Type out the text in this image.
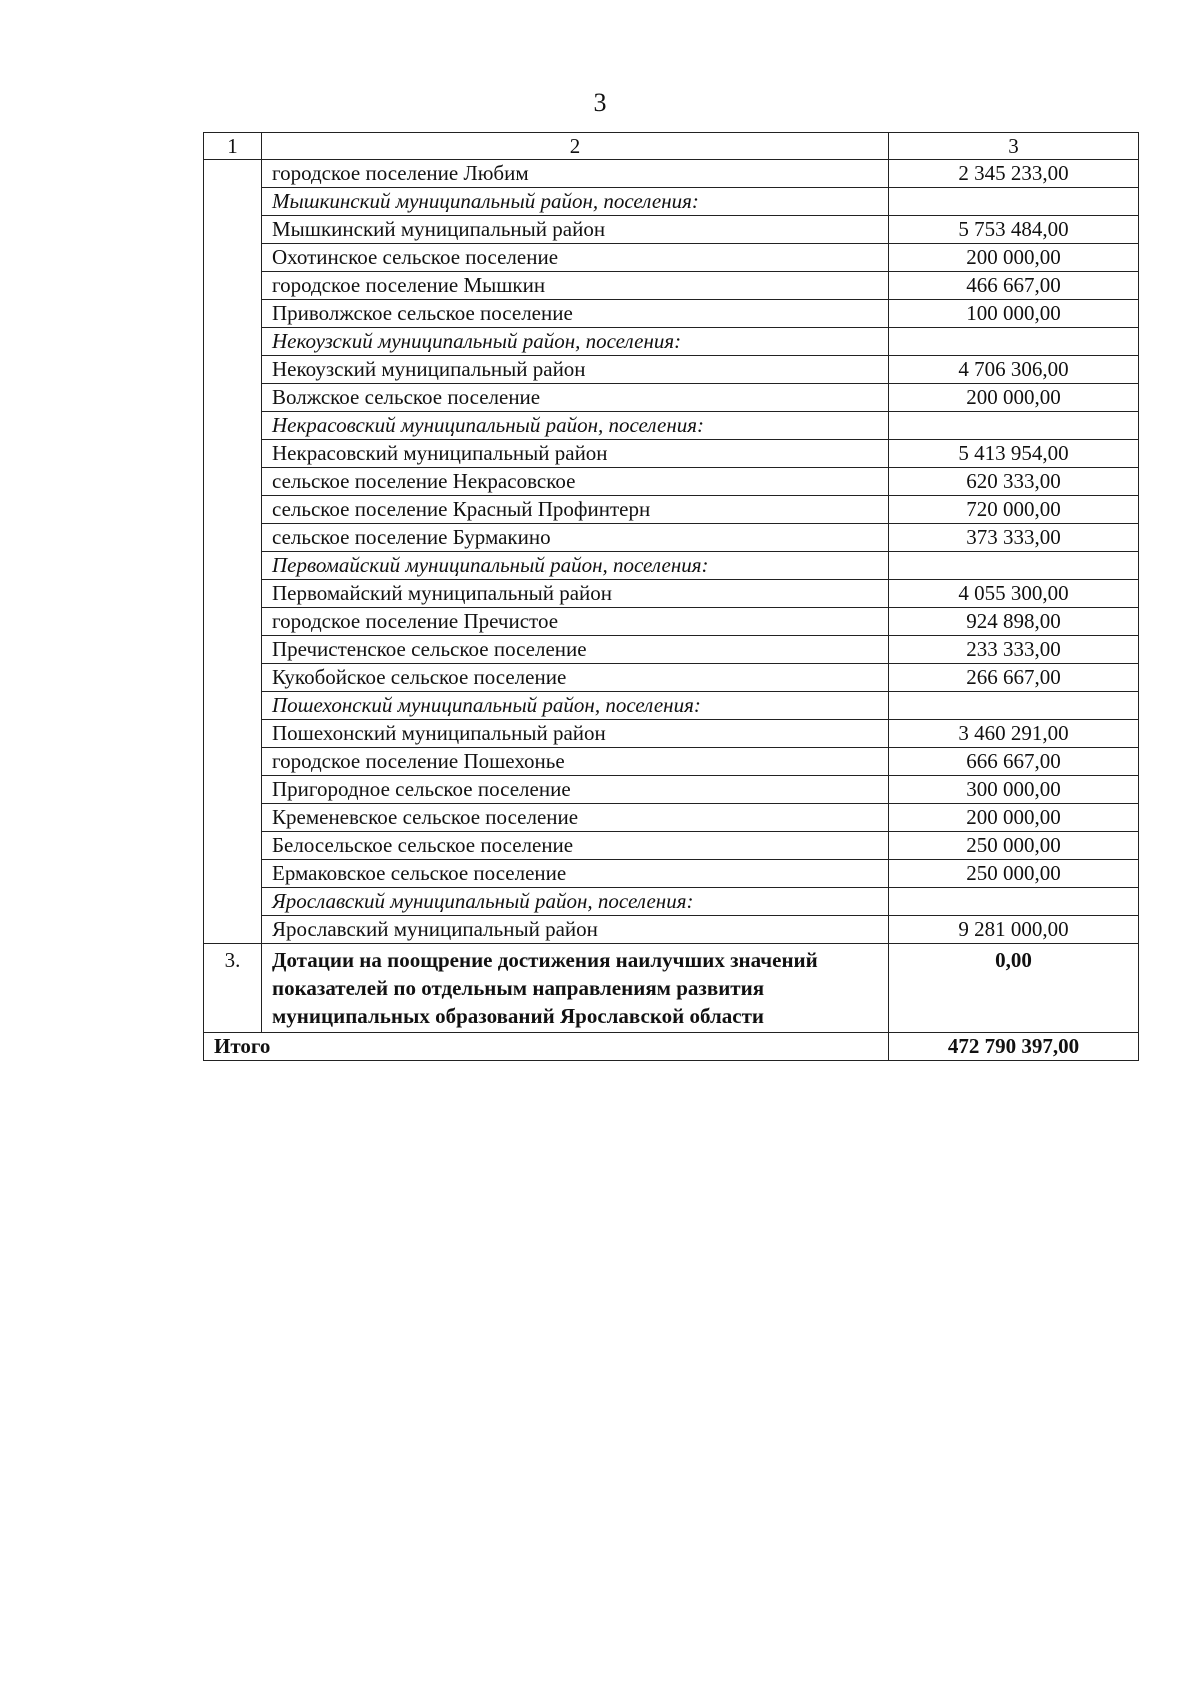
3
1	2	3
	городское поселение Любим	2 345 233,00
	Мышкинский муниципальный район, поселения:	
	Мышкинский муниципальный район	5 753 484,00
	Охотинское сельское поселение	200 000,00
	городское поселение Мышкин	466 667,00
	Приволжское сельское поселение	100 000,00
	Некоузский муниципальный район, поселения:	
	Некоузский муниципальный район	4 706 306,00
	Волжское сельское поселение	200 000,00
	Некрасовский муниципальный район, поселения:	
	Некрасовский муниципальный район	5 413 954,00
	сельское поселение Некрасовское	620 333,00
	сельское поселение Красный Профинтерн	720 000,00
	сельское поселение Бурмакино	373 333,00
	Первомайский муниципальный район, поселения:	
	Первомайский муниципальный район	4 055 300,00
	городское поселение Пречистое	924 898,00
	Пречистенское сельское поселение	233 333,00
	Кукобойское сельское поселение	266 667,00
	Пошехонский муниципальный район, поселения:	
	Пошехонский муниципальный район	3 460 291,00
	городское поселение Пошехонье	666 667,00
	Пригородное сельское поселение	300 000,00
	Кременевское сельское поселение	200 000,00
	Белосельское сельское поселение	250 000,00
	Ермаковское сельское поселение	250 000,00
	Ярославский муниципальный район, поселения:	
	Ярославский муниципальный район	9 281 000,00
3.	Дотации на поощрение достижения наилучших значений показателей по отдельным направлениям развития муниципальных образований Ярославской области	0,00
Итого		472 790 397,00
